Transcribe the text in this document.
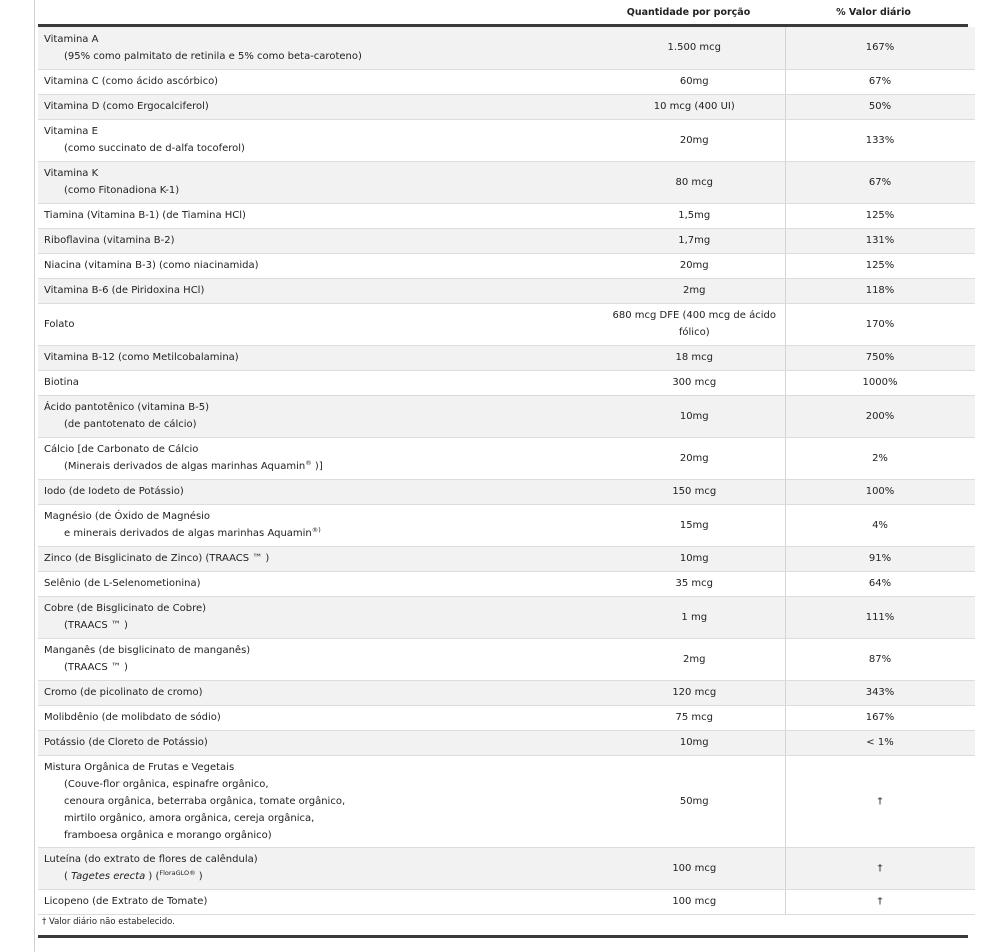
Quantidade por porção	% Valor diário
Vitamina A
(95% como palmitato de retinila e 5% como beta-caroteno)	1.500 mcg	167%

Vitamina C (como ácido ascórbico)	60mg	67%

Vitamina D (como Ergocalciferol)	10 mcg (400 UI)	50%

Vitamina E
(como succinato de d-alfa tocoferol)	20mg	133%

Vitamina K
(como Fitonadiona K-1)	80 mcg	67%

Tiamina (Vitamina B-1) (de Tiamina HCl)	1,5mg	125%

Riboflavina (vitamina B-2)	1,7mg	131%

Niacina (vitamina B-3) (como niacinamida)	20mg	125%

Vitamina B-6 (de Piridoxina HCl)	2mg	118%

Folato	680 mcg DFE (400 mcg de ácido fólico)	170%

Vitamina B-12 (como Metilcobalamina)	18 mcg	750%

Biotina	300 mcg	1000%

Ácido pantotênico (vitamina B-5)
(de pantotenato de cálcio)	10mg	200%

Cálcio [de Carbonato de Cálcio
(Minerais derivados de algas marinhas Aquamin® )]	20mg	2%

Iodo (de Iodeto de Potássio)	150 mcg	100%

Magnésio (de Óxido de Magnésio
e minerais derivados de algas marinhas Aquamin®)	15mg	4%

Zinco (de Bisglicinato de Zinco) (TRAACS ™ )	10mg	91%

Selênio (de L-Selenometionina)	35 mcg	64%

Cobre (de Bisglicinato de Cobre)
(TRAACS ™ )	1 mg	111%

Manganês (de bisglicinato de manganês)
(TRAACS ™ )	2mg	87%

Cromo (de picolinato de cromo)	120 mcg	343%

Molibdênio (de molibdato de sódio)	75 mcg	167%

Potássio (de Cloreto de Potássio)	10mg	< 1%

Mistura Orgânica de Frutas e Vegetais
(Couve-flor orgânica, espinafre orgânico,
cenoura orgânica, beterraba orgânica, tomate orgânico,
mirtilo orgânico, amora orgânica, cereja orgânica,
framboesa orgânica e morango orgânico)	50mg	†

Luteína (do extrato de flores de calêndula)
( Tagetes erecta ) ($^{FloraGLO®}$ )	100 mcg	†

Licopeno (de Extrato de Tomate)	100 mcg	†
† Valor diário não estabelecido.
